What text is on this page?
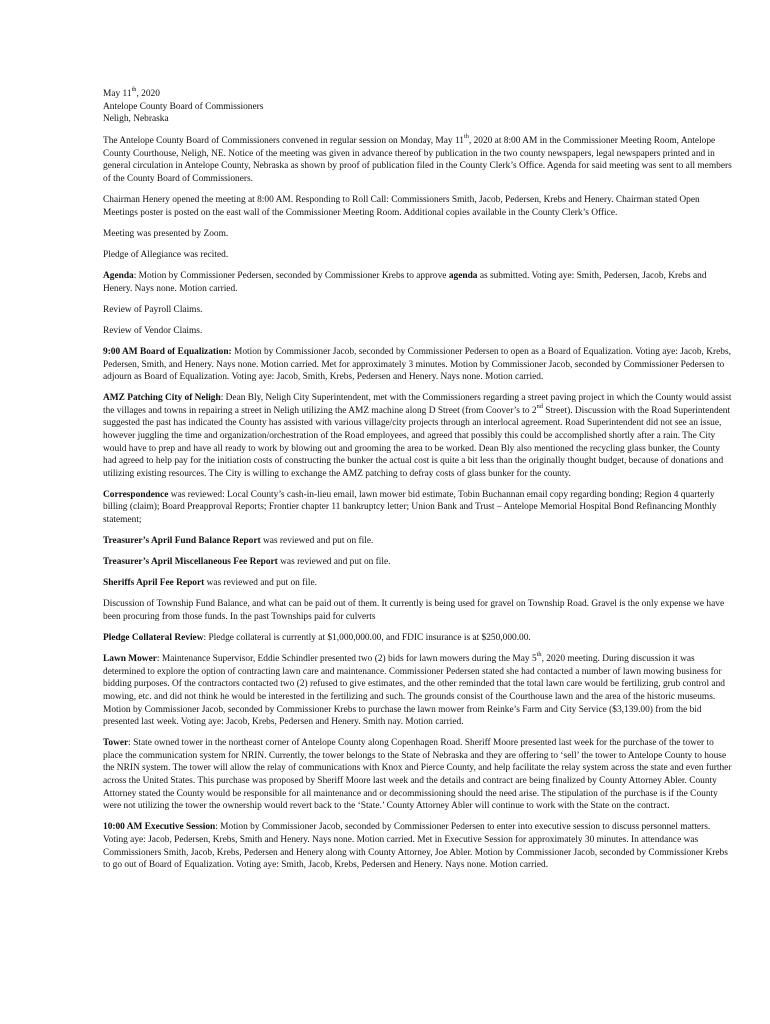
May 11th, 2020
Antelope County Board of Commissioners
Neligh, Nebraska

The Antelope County Board of Commissioners convened in regular session on Monday, May 11th, 2020 at 8:00 AM in the Commissioner Meeting Room, Antelope County Courthouse, Neligh, NE. Notice of the meeting was given in advance thereof by publication in the two county newspapers, legal newspapers printed and in general circulation in Antelope County, Nebraska as shown by proof of publication filed in the County Clerk’s Office. Agenda for said meeting was sent to all members of the County Board of Commissioners.

Chairman Henery opened the meeting at 8:00 AM. Responding to Roll Call: Commissioners Smith, Jacob, Pedersen, Krebs and Henery. Chairman stated Open Meetings poster is posted on the east wall of the Commissioner Meeting Room. Additional copies available in the County Clerk’s Office.

Meeting was presented by Zoom.

Pledge of Allegiance was recited.

Agenda: Motion by Commissioner Pedersen, seconded by Commissioner Krebs to approve agenda as submitted. Voting aye: Smith, Pedersen, Jacob, Krebs and Henery. Nays none. Motion carried.

Review of Payroll Claims.

Review of Vendor Claims.

9:00 AM Board of Equalization: Motion by Commissioner Jacob, seconded by Commissioner Pedersen to open as a Board of Equalization. Voting aye: Jacob, Krebs, Pedersen, Smith, and Henery. Nays none. Motion carried. Met for approximately 3 minutes. Motion by Commissioner Jacob, seconded by Commissioner Pedersen to adjourn as Board of Equalization. Voting aye: Jacob, Smith, Krebs, Pedersen and Henery. Nays none. Motion carried.

AMZ Patching City of Neligh: Dean Bly, Neligh City Superintendent, met with the Commissioners regarding a street paving project in which the County would assist the villages and towns in repairing a street in Neligh utilizing the AMZ machine along D Street (from Coover’s to 2nd Street). Discussion with the Road Superintendent suggested the past has indicated the County has assisted with various village/city projects through an interlocal agreement. Road Superintendent did not see an issue, however juggling the time and organization/orchestration of the Road employees, and agreed that possibly this could be accomplished shortly after a rain. The City would have to prep and have all ready to work by blowing out and grooming the area to be worked. Dean Bly also mentioned the recycling glass bunker, the County had agreed to help pay for the initiation costs of constructing the bunker the actual cost is quite a bit less than the originally thought budget, because of donations and utilizing existing resources. The City is willing to exchange the AMZ patching to defray costs of glass bunker for the county.

Correspondence was reviewed: Local County’s cash-in-lieu email, lawn mower bid estimate, Tobin Buchannan email copy regarding bonding; Region 4 quarterly billing (claim); Board Preapproval Reports; Frontier chapter 11 bankruptcy letter; Union Bank and Trust – Antelope Memorial Hospital Bond Refinancing Monthly statement;

Treasurer’s April Fund Balance Report was reviewed and put on file.

Treasurer’s April Miscellaneous Fee Report was reviewed and put on file.

Sheriffs April Fee Report was reviewed and put on file.

Discussion of Township Fund Balance, and what can be paid out of them. It currently is being used for gravel on Township Road. Gravel is the only expense we have been procuring from those funds. In the past Townships paid for culverts

Pledge Collateral Review: Pledge collateral is currently at $1,000,000.00, and FDIC insurance is at $250,000.00.

Lawn Mower: Maintenance Supervisor, Eddie Schindler presented two (2) bids for lawn mowers during the May 5th, 2020 meeting. During discussion it was determined to explore the option of contracting lawn care and maintenance. Commissioner Pedersen stated she had contacted a number of lawn mowing business for bidding purposes. Of the contractors contacted two (2) refused to give estimates, and the other reminded that the total lawn care would be fertilizing, grub control and mowing, etc. and did not think he would be interested in the fertilizing and such. The grounds consist of the Courthouse lawn and the area of the historic museums. Motion by Commissioner Jacob, seconded by Commissioner Krebs to purchase the lawn mower from Reinke’s Farm and City Service ($3,139.00) from the bid presented last week. Voting aye: Jacob, Krebs, Pedersen and Henery. Smith nay. Motion carried.

Tower: State owned tower in the northeast corner of Antelope County along Copenhagen Road. Sheriff Moore presented last week for the purchase of the tower to place the communication system for NRIN. Currently, the tower belongs to the State of Nebraska and they are offering to ‘sell’ the tower to Antelope County to house the NRIN system. The tower will allow the relay of communications with Knox and Pierce County, and help facilitate the relay system across the state and even further across the United States. This purchase was proposed by Sheriff Moore last week and the details and contract are being finalized by County Attorney Abler. County Attorney stated the County would be responsible for all maintenance and or decommissioning should the need arise. The stipulation of the purchase is if the County were not utilizing the tower the ownership would revert back to the ‘State.’ County Attorney Abler will continue to work with the State on the contract.

10:00 AM Executive Session: Motion by Commissioner Jacob, seconded by Commissioner Pedersen to enter into executive session to discuss personnel matters. Voting aye: Jacob, Pedersen, Krebs, Smith and Henery. Nays none. Motion carried. Met in Executive Session for approximately 30 minutes. In attendance was Commissioners Smith, Jacob, Krebs, Pedersen and Henery along with County Attorney, Joe Abler. Motion by Commissioner Jacob, seconded by Commissioner Krebs to go out of Board of Equalization. Voting aye: Smith, Jacob, Krebs, Pedersen and Henery. Nays none. Motion carried.
